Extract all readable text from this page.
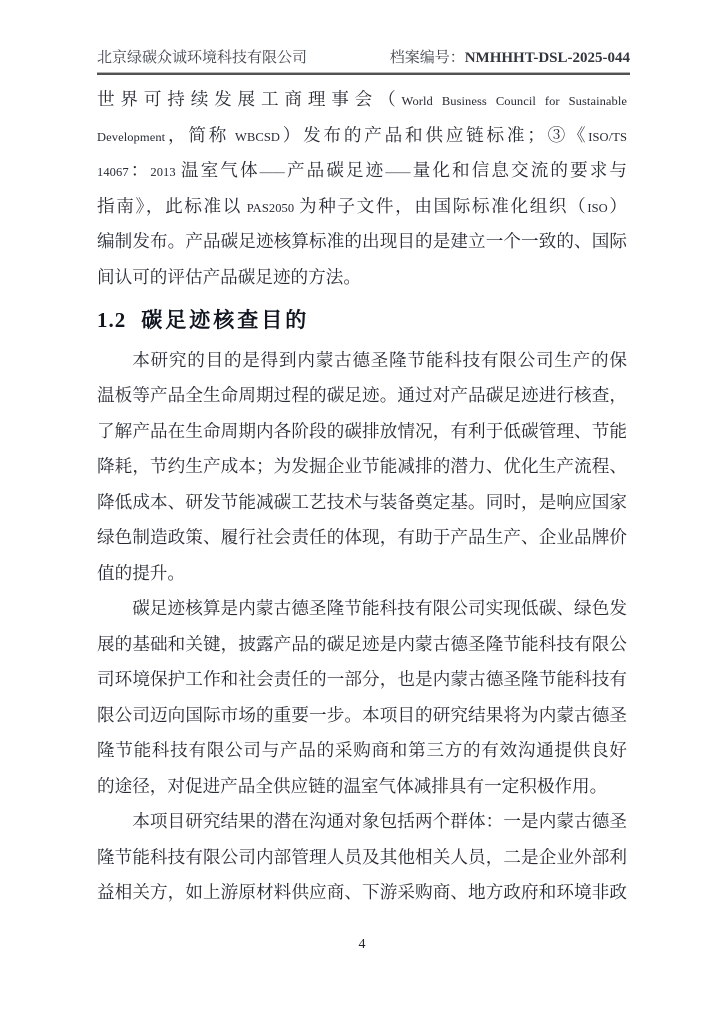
北京绿碳众诚环境科技有限公司	档案编号：NMHHHT-DSL-2025-044
世界可持续发展工商理事会（World Business Council for Sustainable
Development，简称 WBCSD）发布的产品和供应链标准；③《ISO/TS
14067：2013 温室气体——产品碳足迹——量化和信息交流的要求与
指南》，此标准以 PAS2050 为种子文件，由国际标准化组织（ISO）
编制发布。产品碳足迹核算标准的出现目的是建立一个一致的、国际
间认可的评估产品碳足迹的方法。
1.2 碳足迹核查目的
本研究的目的是得到内蒙古德圣隆节能科技有限公司生产的保
温板等产品全生命周期过程的碳足迹。通过对产品碳足迹进行核查，
了解产品在生命周期内各阶段的碳排放情况，有利于低碳管理、节能
降耗，节约生产成本；为发掘企业节能减排的潜力、优化生产流程、
降低成本、研发节能减碳工艺技术与装备奠定基。同时，是响应国家
绿色制造政策、履行社会责任的体现，有助于产品生产、企业品牌价
值的提升。
碳足迹核算是内蒙古德圣隆节能科技有限公司实现低碳、绿色发
展的基础和关键，披露产品的碳足迹是内蒙古德圣隆节能科技有限公
司环境保护工作和社会责任的一部分，也是内蒙古德圣隆节能科技有
限公司迈向国际市场的重要一步。本项目的研究结果将为内蒙古德圣
隆节能科技有限公司与产品的采购商和第三方的有效沟通提供良好
的途径，对促进产品全供应链的温室气体减排具有一定积极作用。
本项目研究结果的潜在沟通对象包括两个群体：一是内蒙古德圣
隆节能科技有限公司内部管理人员及其他相关人员，二是企业外部利
益相关方，如上游原材料供应商、下游采购商、地方政府和环境非政
4
